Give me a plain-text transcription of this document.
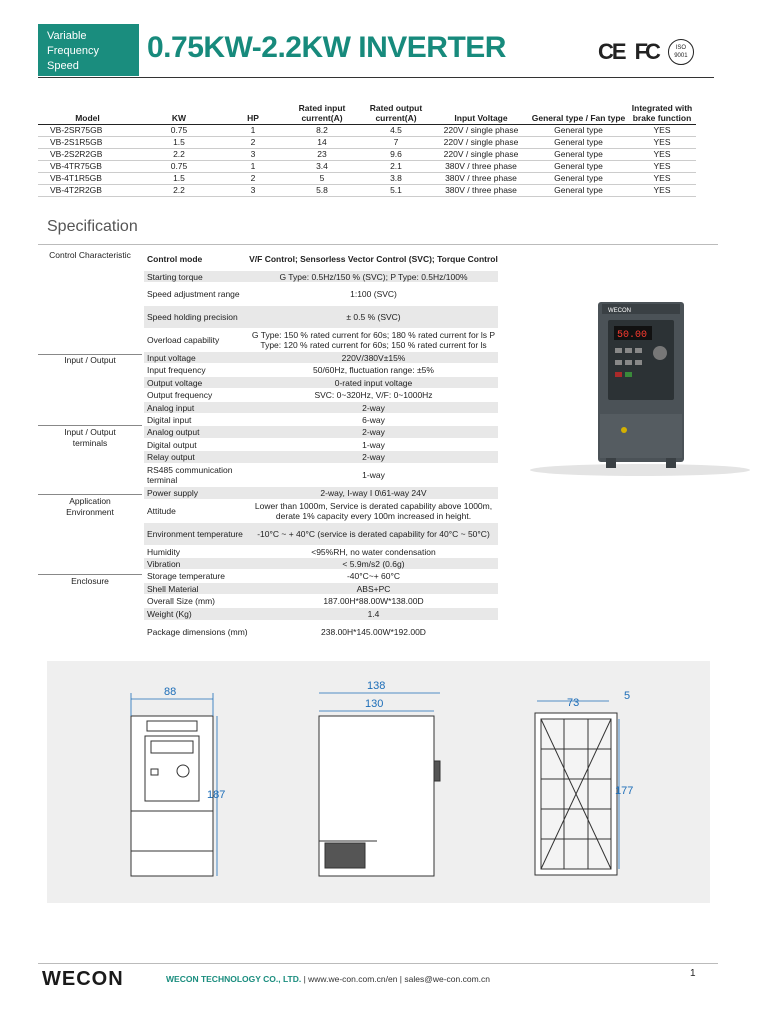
Variable
Frequency
Speed
0.75KW-2.2KW INVERTER	CE FC	ISO 9001
Model	KW	HP	Rated input current(A)	Rated output current(A)	Input Voltage	General type / Fan type	Integrated with brake function
VB-2SR75GB	0.75	1	8.2	4.5	220V / single phase	General type	YES
VB-2S1R5GB	1.5	2	14	7	220V / single phase	General type	YES
VB-2S2R2GB	2.2	3	23	9.6	220V / single phase	General type	YES
VB-4TR75GB	0.75	1	3.4	2.1	380V / three phase	General type	YES
VB-4T1R5GB	1.5	2	5	3.8	380V / three phase	General type	YES
VB-4T2R2GB	2.2	3	5.8	5.1	380V / three phase	General type	YES
Specification
Control Characteristic
Input / Output
Input / Output terminals
Application Environment
Enclosure
Control mode	V/F Control; Sensorless Vector Control (SVC); Torque Control
Starting torque	G Type: 0.5Hz/150 % (SVC); P Type: 0.5Hz/100%
Speed adjustment range	1:100 (SVC)
Speed holding precision	± 0.5 % (SVC)
Overload capability	G Type: 150 % rated current for 60s; 180 % rated current for ls P Type: 120 % rated current for 60s; 150 % rated current for ls
Input voltage	220V/380V±15%
Input frequency	50/60Hz, fluctuation range: ±5%
Output voltage	0-rated input voltage
Output frequency	SVC: 0~320Hz, V/F: 0~1000Hz
Analog input	2-way
Digital input	6-way
Analog output	2-way
Digital output	1-way
Relay output	2-way
RS485 communication terminal	1-way
Power supply	2-way, I-way I 0\61-way 24V
Attitude	Lower than 1000m, Service is derated capability above 1000m, derate 1% capacity every 100m increased in height.
Environment temperature	-10°C ~ + 40°C (service is derated capability for 40°C ~ 50°C)
Humidity	<95%RH, no water condensation
Vibration	< 5.9m/s2 (0.6g)
Storage temperature	-40°C~+ 60°C
Shell Material	ABS+PC
Overall Size (mm)	187.00H*88.00W*138.00D
Weight (Kg)	1.4
Package dimensions (mm)	238.00H*145.00W*192.00D
WECON
50.00
88
187
138
130	73
5
177
WECON	WECON TECHNOLOGY CO., LTD. | www.we-con.com.cn/en | sales@we-con.com.cn	1
